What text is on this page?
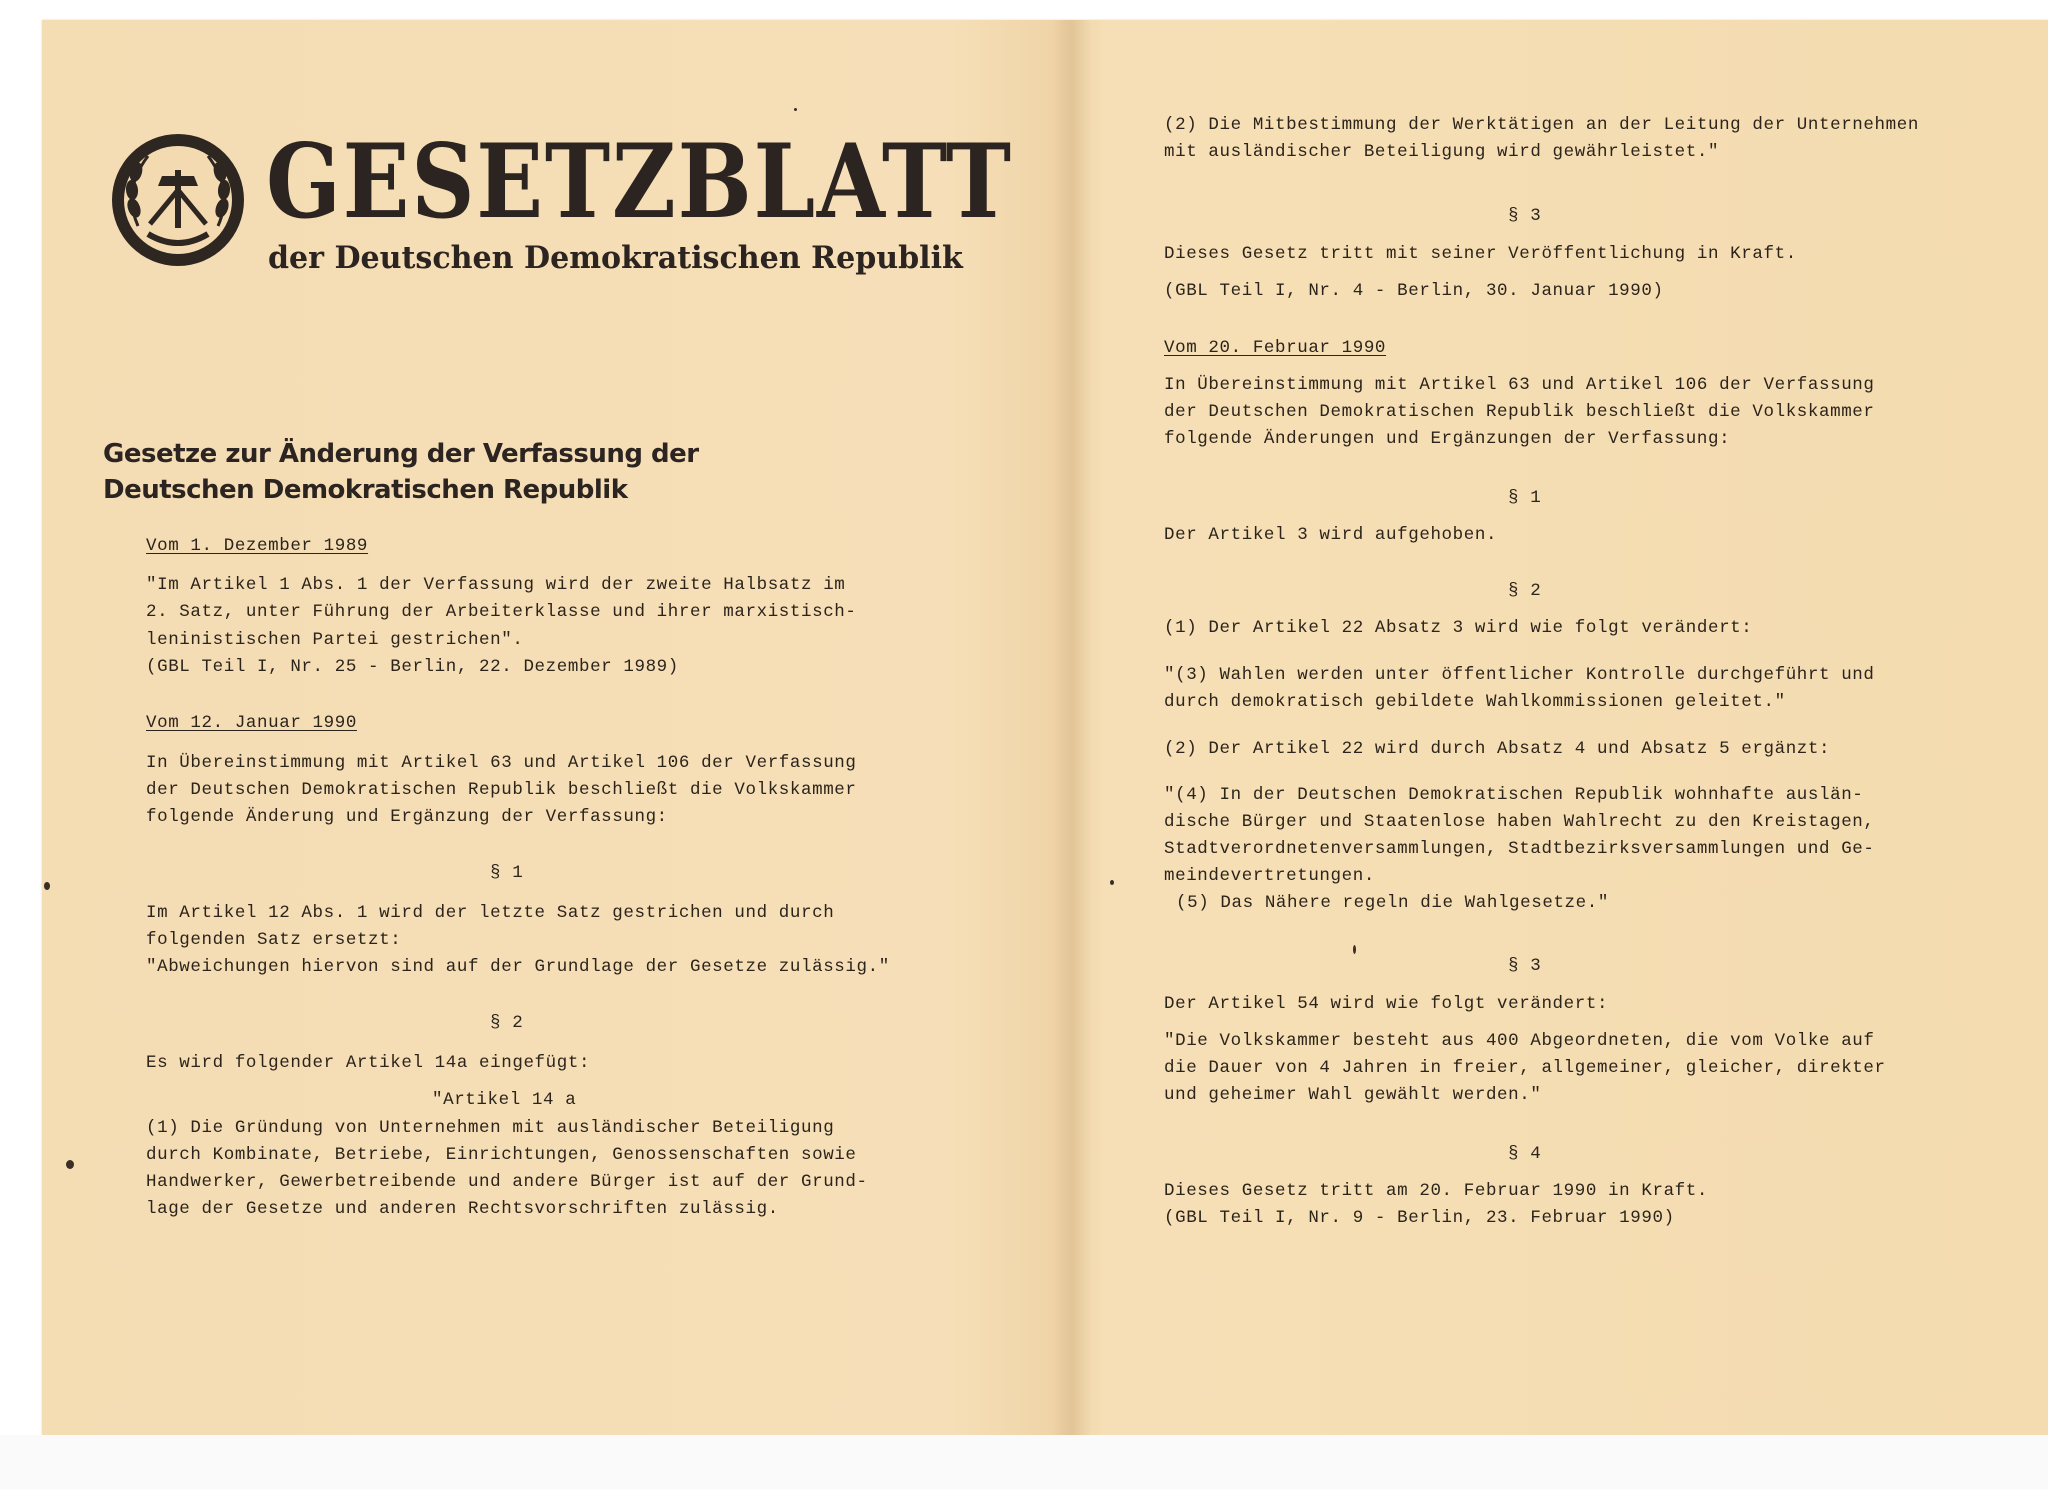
GESETZBLATT
der Deutschen Demokratischen Republik
Gesetze zur Änderung der Verfassung der
Deutschen Demokratischen Republik
Vom 1. Dezember 1989
"Im Artikel 1 Abs. 1 der Verfassung wird der zweite Halbsatz im
2. Satz, unter Führung der Arbeiterklasse und ihrer marxistisch-
leninistischen Partei gestrichen".
(GBL Teil I, Nr. 25 - Berlin, 22. Dezember 1989)
Vom 12. Januar 1990
In Übereinstimmung mit Artikel 63 und Artikel 106 der Verfassung
der Deutschen Demokratischen Republik beschließt die Volkskammer
folgende Änderung und Ergänzung der Verfassung:
§ 1
Im Artikel 12 Abs. 1 wird der letzte Satz gestrichen und durch
folgenden Satz ersetzt:
"Abweichungen hiervon sind auf der Grundlage der Gesetze zulässig."
§ 2
Es wird folgender Artikel 14a eingefügt:
"Artikel 14 a
(1) Die Gründung von Unternehmen mit ausländischer Beteiligung
durch Kombinate, Betriebe, Einrichtungen, Genossenschaften sowie
Handwerker, Gewerbetreibende und andere Bürger ist auf der Grund-
lage der Gesetze und anderen Rechtsvorschriften zulässig.
(2) Die Mitbestimmung der Werktätigen an der Leitung der Unternehmen
mit ausländischer Beteiligung wird gewährleistet."
§ 3
Dieses Gesetz tritt mit seiner Veröffentlichung in Kraft.
(GBL Teil I, Nr. 4 - Berlin, 30. Januar 1990)
Vom 20. Februar 1990
In Übereinstimmung mit Artikel 63 und Artikel 106 der Verfassung
der Deutschen Demokratischen Republik beschließt die Volkskammer
folgende Änderungen und Ergänzungen der Verfassung:
§ 1
Der Artikel 3 wird aufgehoben.
§ 2
(1) Der Artikel 22 Absatz 3 wird wie folgt verändert:
"(3) Wahlen werden unter öffentlicher Kontrolle durchgeführt und
durch demokratisch gebildete Wahlkommissionen geleitet."
(2) Der Artikel 22 wird durch Absatz 4 und Absatz 5 ergänzt:
"(4) In der Deutschen Demokratischen Republik wohnhafte auslän-
dische Bürger und Staatenlose haben Wahlrecht zu den Kreistagen,
Stadtverordnetenversammlungen, Stadtbezirksversammlungen und Ge-
meindevertretungen.
(5) Das Nähere regeln die Wahlgesetze."
§ 3
Der Artikel 54 wird wie folgt verändert:
"Die Volkskammer besteht aus 400 Abgeordneten, die vom Volke auf
die Dauer von 4 Jahren in freier, allgemeiner, gleicher, direkter
und geheimer Wahl gewählt werden."
§ 4
Dieses Gesetz tritt am 20. Februar 1990 in Kraft.
(GBL Teil I, Nr. 9 - Berlin, 23. Februar 1990)
